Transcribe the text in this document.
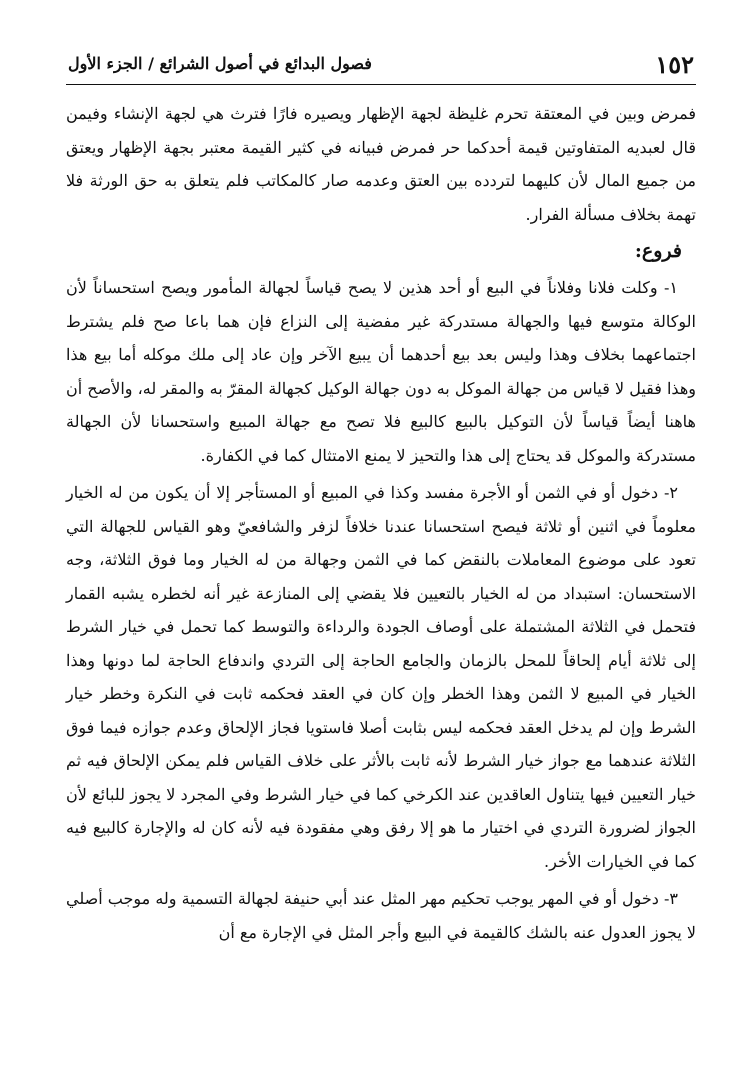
١٥٢
فصول البدائع في أصول الشرائع / الجزء الأول

فمرض وبين في المعتقة تحرم غليظة لجهة الإظهار ويصيره فارًا فترث هي لجهة الإنشاء وفيمن قال لعبديه المتفاوتين قيمة أحدكما حر فمرض فبيانه في كثير القيمة معتبر بجهة الإظهار ويعتق من جميع المال لأن كليهما لتردده بين العتق وعدمه صار كالمكاتب فلم يتعلق به حق الورثة فلا تهمة بخلاف مسألة الفرار.

فروع:

١- وكلت فلانا وفلاناً في البيع أو أحد هذين لا يصح قياساً لجهالة المأمور ويصح استحساناً لأن الوكالة متوسع فيها والجهالة مستدركة غير مفضية إلى النزاع فإن هما باعا صح فلم يشترط اجتماعهما بخلاف وهذا وليس بعد بيع أحدهما أن يبيع الآخر وإن عاد إلى ملك موكله أما بيع هذا وهذا فقيل لا قياس من جهالة الموكل به دون جهالة الوكيل كجهالة المقرّ به والمقر له، والأصح أن هاهنا أيضاً قياساً لأن التوكيل بالبيع كالبيع فلا تصح مع جهالة المبيع واستحسانا لأن الجهالة مستدركة والموكل قد يحتاج إلى هذا والتحيز لا يمنع الامتثال كما في الكفارة.

٢- دخول أو في الثمن أو الأجرة مفسد وكذا في المبيع أو المستأجر إلا أن يكون من له الخيار معلوماً في اثنين أو ثلاثة فيصح استحسانا عندنا خلافاً لزفر والشافعيّ وهو القياس للجهالة التي تعود على موضوع المعاملات بالنقض كما في الثمن وجهالة من له الخيار وما فوق الثلاثة، وجه الاستحسان: استبداد من له الخيار بالتعيين فلا يقضي إلى المنازعة غير أنه لخطره يشبه القمار فتحمل في الثلاثة المشتملة على أوصاف الجودة والرداءة والتوسط كما تحمل في خيار الشرط إلى ثلاثة أيام إلحاقاً للمحل بالزمان والجامع الحاجة إلى التردي واندفاع الحاجة لما دونها وهذا الخيار في المبيع لا الثمن وهذا الخطر وإن كان في العقد فحكمه ثابت في النكرة وخطر خيار الشرط وإن لم يدخل العقد فحكمه ليس بثابت أصلا فاستويا فجاز الإلحاق وعدم جوازه فيما فوق الثلاثة عندهما مع جواز خيار الشرط لأنه ثابت بالأثر على خلاف القياس فلم يمكن الإلحاق فيه ثم خيار التعيين فيها يتناول العاقدين عند الكرخي كما في خيار الشرط وفي المجرد لا يجوز للبائع لأن الجواز لضرورة التردي في اختيار ما هو إلا رفق وهي مفقودة فيه لأنه كان له والإجارة كالبيع فيه كما في الخيارات الأخر.

٣- دخول أو في المهر يوجب تحكيم مهر المثل عند أبي حنيفة لجهالة التسمية وله موجب أصلي لا يجوز العدول عنه بالشك كالقيمة في البيع وأجر المثل في الإجارة مع أن
